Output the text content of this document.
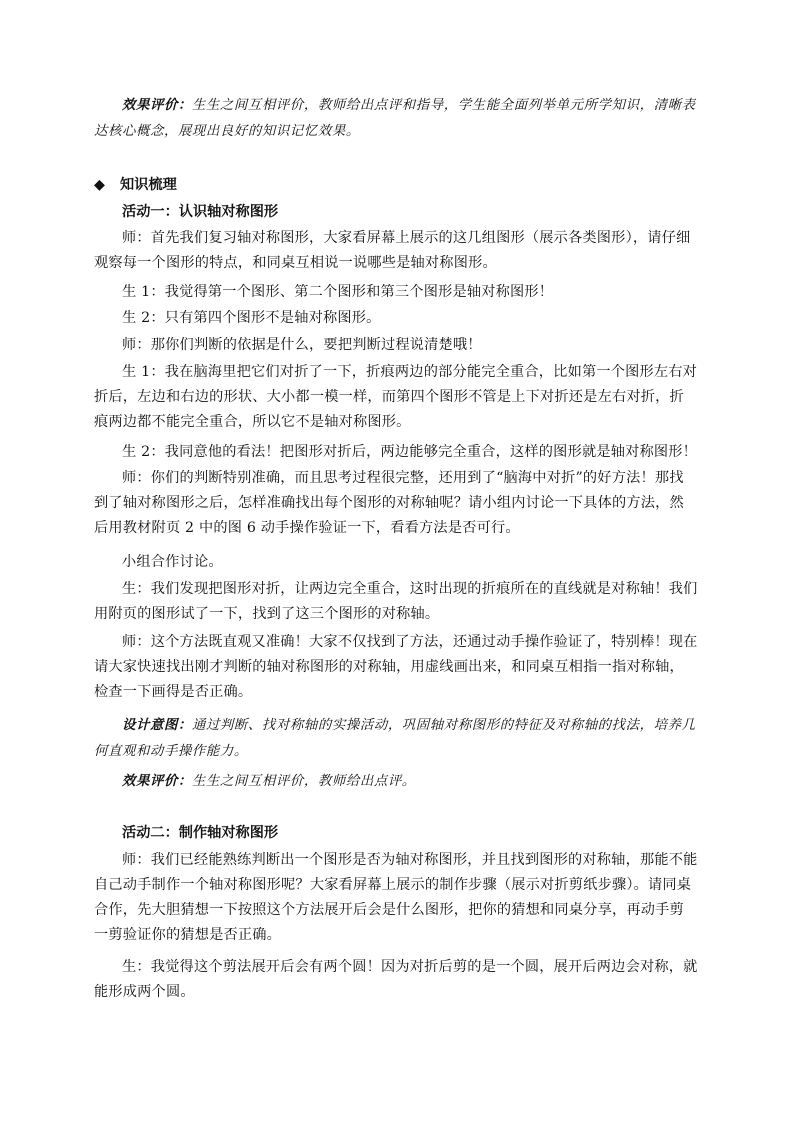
效果评价：生生之间互相评价，教师给出点评和指导，学生能全面列举单元所学知识，清晰表达核心概念，展现出良好的知识记忆效果。

◆ 知识梳理

活动一：认识轴对称图形

师：首先我们复习轴对称图形，大家看屏幕上展示的这几组图形（展示各类图形），请仔细观察每一个图形的特点，和同桌互相说一说哪些是轴对称图形。

生 1：我觉得第一个图形、第二个图形和第三个图形是轴对称图形！

生 2：只有第四个图形不是轴对称图形。

师：那你们判断的依据是什么，要把判断过程说清楚哦！

生 1：我在脑海里把它们对折了一下，折痕两边的部分能完全重合，比如第一个图形左右对折后，左边和右边的形状、大小都一模一样，而第四个图形不管是上下对折还是左右对折，折痕两边都不能完全重合，所以它不是轴对称图形。

生 2：我同意他的看法！把图形对折后，两边能够完全重合，这样的图形就是轴对称图形！

师：你们的判断特别准确，而且思考过程很完整，还用到了“脑海中对折”的好方法！那找到了轴对称图形之后，怎样准确找出每个图形的对称轴呢？请小组内讨论一下具体的方法，然后用教材附页 2 中的图 6 动手操作验证一下，看看方法是否可行。

小组合作讨论。

生：我们发现把图形对折，让两边完全重合，这时出现的折痕所在的直线就是对称轴！我们用附页的图形试了一下，找到了这三个图形的对称轴。

师：这个方法既直观又准确！大家不仅找到了方法，还通过动手操作验证了，特别棒！现在请大家快速找出刚才判断的轴对称图形的对称轴，用虚线画出来，和同桌互相指一指对称轴，检查一下画得是否正确。

设计意图：通过判断、找对称轴的实操活动，巩固轴对称图形的特征及对称轴的找法，培养几何直观和动手操作能力。

效果评价：生生之间互相评价，教师给出点评。

活动二：制作轴对称图形

师：我们已经能熟练判断出一个图形是否为轴对称图形，并且找到图形的对称轴，那能不能自己动手制作一个轴对称图形呢？大家看屏幕上展示的制作步骤（展示对折剪纸步骤）。请同桌合作，先大胆猜想一下按照这个方法展开后会是什么图形，把你的猜想和同桌分享，再动手剪一剪验证你的猜想是否正确。

生：我觉得这个剪法展开后会有两个圆！因为对折后剪的是一个圆，展开后两边会对称，就能形成两个圆。
